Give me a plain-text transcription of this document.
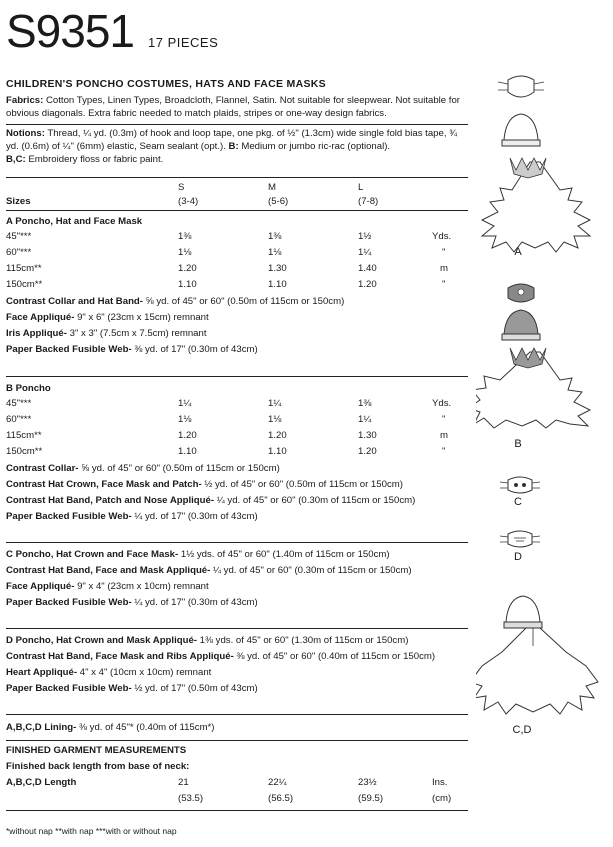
S9351 17 PIECES
CHILDREN'S PONCHO COSTUMES, HATS AND FACE MASKS
Fabrics: Cotton Types, Linen Types, Broadcloth, Flannel, Satin. Not suitable for sleepwear. Not suitable for obvious diagonals. Extra fabric needed to match plaids, stripes or one-way design fabrics.
Notions: Thread, ¼ yd. (0.3m) of hook and loop tape, one pkg. of ½" (1.3cm) wide single fold bias tape, ¾ yd. (0.6m) of ¼" (6mm) elastic, Seam sealant (opt.). B: Medium or jumbo ric-rac (optional).
B,C: Embroidery floss or fabric paint.
S	M	L
Sizes	(3-4)	(5-6)	(7-8)
A Poncho, Hat and Face Mask
45"***	1⅜	1⅜	1½	Yds.
60"***	1⅛	1⅛	1¼	"
115cm**	1.20	1.30	1.40	m
150cm**	1.10	1.10	1.20	"
Contrast Collar and Hat Band- ⅝ yd. of 45" or 60" (0.50m of 115cm or 150cm)
Face Appliqué- 9" x 6" (23cm x 15cm) remnant
Iris Appliqué- 3" x 3" (7.5cm x 7.5cm) remnant
Paper Backed Fusible Web- ⅜ yd. of 17" (0.30m of 43cm)
B Poncho
45"***	1¼	1¼	1⅜	Yds.
60"***	1⅛	1⅛	1¼	"
115cm**	1.20	1.20	1.30	m
150cm**	1.10	1.10	1.20	"
Contrast Collar- ⅝ yd. of 45" or 60" (0.50m of 115cm or 150cm)
Contrast Hat Crown, Face Mask and Patch- ½ yd. of 45" or 60" (0.50m of 115cm or 150cm)
Contrast Hat Band, Patch and Nose Appliqué- ¼ yd. of 45" or 60" (0.30m of 115cm or 150cm)
Paper Backed Fusible Web- ¼ yd. of 17" (0.30m of 43cm)
C Poncho, Hat Crown and Face Mask- 1½ yds. of 45" or 60" (1.40m of 115cm or 150cm)
Contrast Hat Band, Face and Mask Appliqué- ¼ yd. of 45" or 60" (0.30m of 115cm or 150cm)
Face Appliqué- 9" x 4" (23cm x 10cm) remnant
Paper Backed Fusible Web- ¼ yd. of 17" (0.30m of 43cm)
D Poncho, Hat Crown and Mask Appliqué- 1⅜ yds. of 45" or 60" (1.30m of 115cm or 150cm)
Contrast Hat Band, Face Mask and Ribs Appliqué- ⅜ yd. of 45" or 60" (0.40m of 115cm or 150cm)
Heart Appliqué- 4" x 4" (10cm x 10cm) remnant
Paper Backed Fusible Web- ½ yd. of 17" (0.50m of 43cm)
A,B,C,D Lining- ⅜ yd. of 45"* (0.40m of 115cm*)
FINISHED GARMENT MEASUREMENTS
Finished back length from base of neck:
A,B,C,D Length	21	22¼	23½	Ins.
(53.5)	(56.5)	(59.5)	(cm)
*without nap **with nap ***with or without nap
A
B
C
D
C,D
